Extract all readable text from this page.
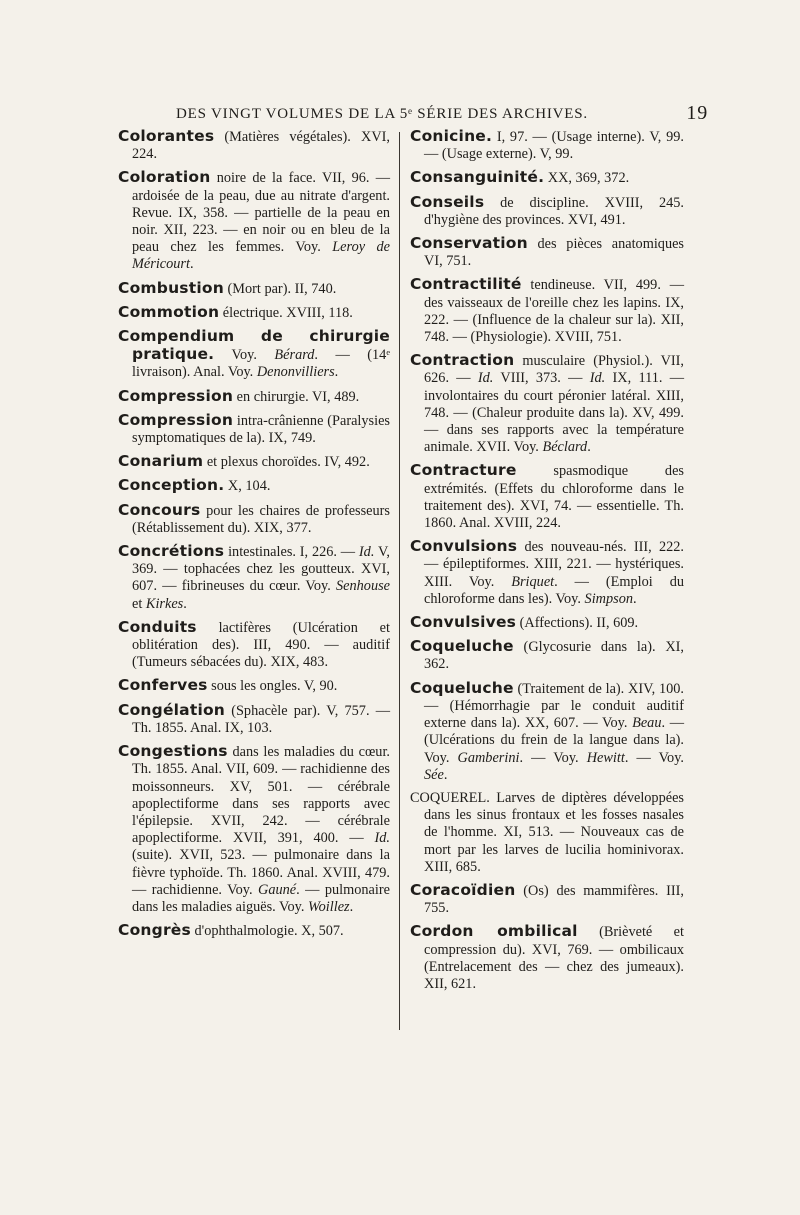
DES VINGT VOLUMES DE LA 5ᵉ SÉRIE DES ARCHIVES.	19

Colorantes (Matières végétales). XVI, 224.

Coloration noire de la face. VII, 96. — ardoisée de la peau, due au nitrate d'argent. Revue. IX, 358. — partielle de la peau en noir. XII, 223. — en noir ou en bleu de la peau chez les femmes. Voy. Leroy de Méricourt.

Combustion (Mort par). II, 740.

Commotion électrique. XVIII, 118.

Compendium de chirurgie pratique. Voy. Bérard. — (14ᵉ livraison). Anal. Voy. Denonvilliers.

Compression en chirurgie. VI, 489.

Compression intra-crânienne (Paralysies symptomatiques de la). IX, 749.

Conarium et plexus choroïdes. IV, 492.

Conception. X, 104.

Concours pour les chaires de professeurs (Rétablissement du). XIX, 377.

Concrétions intestinales. I, 226. — Id. V, 369. — tophacées chez les goutteux. XVI, 607. — fibrineuses du cœur. Voy. Senhouse et Kirkes.

Conduits lactifères (Ulcération et oblitération des). III, 490. — auditif (Tumeurs sébacées du). XIX, 483.

Conferves sous les ongles. V, 90.

Congélation (Sphacèle par). V, 757. — Th. 1855. Anal. IX, 103.

Congestions dans les maladies du cœur. Th. 1855. Anal. VII, 609. — rachidienne des moissonneurs. XV, 501. — cérébrale apoplectiforme dans ses rapports avec l'épilepsie. XVII, 242. — cérébrale apoplectiforme. XVII, 391, 400. — Id. (suite). XVII, 523. — pulmonaire dans la fièvre typhoïde. Th. 1860. Anal. XVIII, 479. — rachidienne. Voy. Gauné. — pulmonaire dans les maladies aiguës. Voy. Woillez.

Congrès d'ophthalmologie. X, 507.

Conicine. I, 97. — (Usage interne). V, 99. — (Usage externe). V, 99.

Consanguinité. XX, 369, 372.

Conseils de discipline. XVIII, 245. d'hygiène des provinces. XVI, 491.

Conservation des pièces anatomiques VI, 751.

Contractilité tendineuse. VII, 499. — des vaisseaux de l'oreille chez les lapins. IX, 222. — (Influence de la chaleur sur la). XII, 748. — (Physiologie). XVIII, 751.

Contraction musculaire (Physiol.). VII, 626. — Id. VIII, 373. — Id. IX, 111. — involontaires du court péronier latéral. XIII, 748. — (Chaleur produite dans la). XV, 499. — dans ses rapports avec la température animale. XVII. Voy. Béclard.

Contracture spasmodique des extrémités. (Effets du chloroforme dans le traitement des). XVI, 74. — essentielle. Th. 1860. Anal. XVIII, 224.

Convulsions des nouveau-nés. III, 222. — épileptiformes. XIII, 221. — hystériques. XIII. Voy. Briquet. — (Emploi du chloroforme dans les). Voy. Simpson.

Convulsives (Affections). II, 609.

Coqueluche (Glycosurie dans la). XI, 362.

Coqueluche (Traitement de la). XIV, 100. — (Hémorrhagie par le conduit auditif externe dans la). XX, 607. — Voy. Beau. — (Ulcérations du frein de la langue dans la). Voy. Gamberini. — Voy. Hewitt. — Voy. Sée.

COQUEREL. Larves de diptères développées dans les sinus frontaux et les fosses nasales de l'homme. XI, 513. — Nouveaux cas de mort par les larves de lucilia hominivorax. XIII, 685.

Coracoïdien (Os) des mammifères. III, 755.

Cordon ombilical (Brièveté et compression du). XVI, 769. — ombilicaux (Entrelacement des — chez des jumeaux). XII, 621.
